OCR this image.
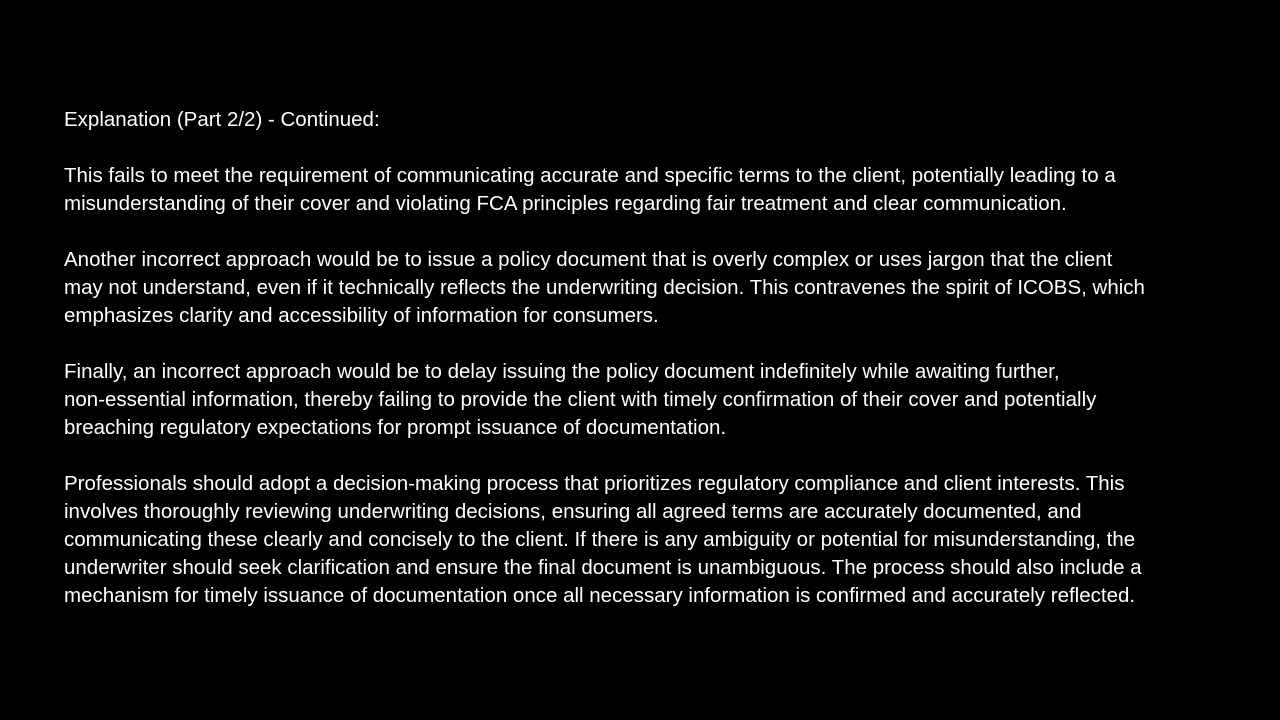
Explanation (Part 2/2) - Continued:
This fails to meet the requirement of communicating accurate and specific terms to the client, potentially leading to a
misunderstanding of their cover and violating FCA principles regarding fair treatment and clear communication.
Another incorrect approach would be to issue a policy document that is overly complex or uses jargon that the client
may not understand, even if it technically reflects the underwriting decision. This contravenes the spirit of ICOBS, which
emphasizes clarity and accessibility of information for consumers.
Finally, an incorrect approach would be to delay issuing the policy document indefinitely while awaiting further,
non-essential information, thereby failing to provide the client with timely confirmation of their cover and potentially
breaching regulatory expectations for prompt issuance of documentation.
Professionals should adopt a decision-making process that prioritizes regulatory compliance and client interests. This
involves thoroughly reviewing underwriting decisions, ensuring all agreed terms are accurately documented, and
communicating these clearly and concisely to the client. If there is any ambiguity or potential for misunderstanding, the
underwriter should seek clarification and ensure the final document is unambiguous. The process should also include a
mechanism for timely issuance of documentation once all necessary information is confirmed and accurately reflected.
